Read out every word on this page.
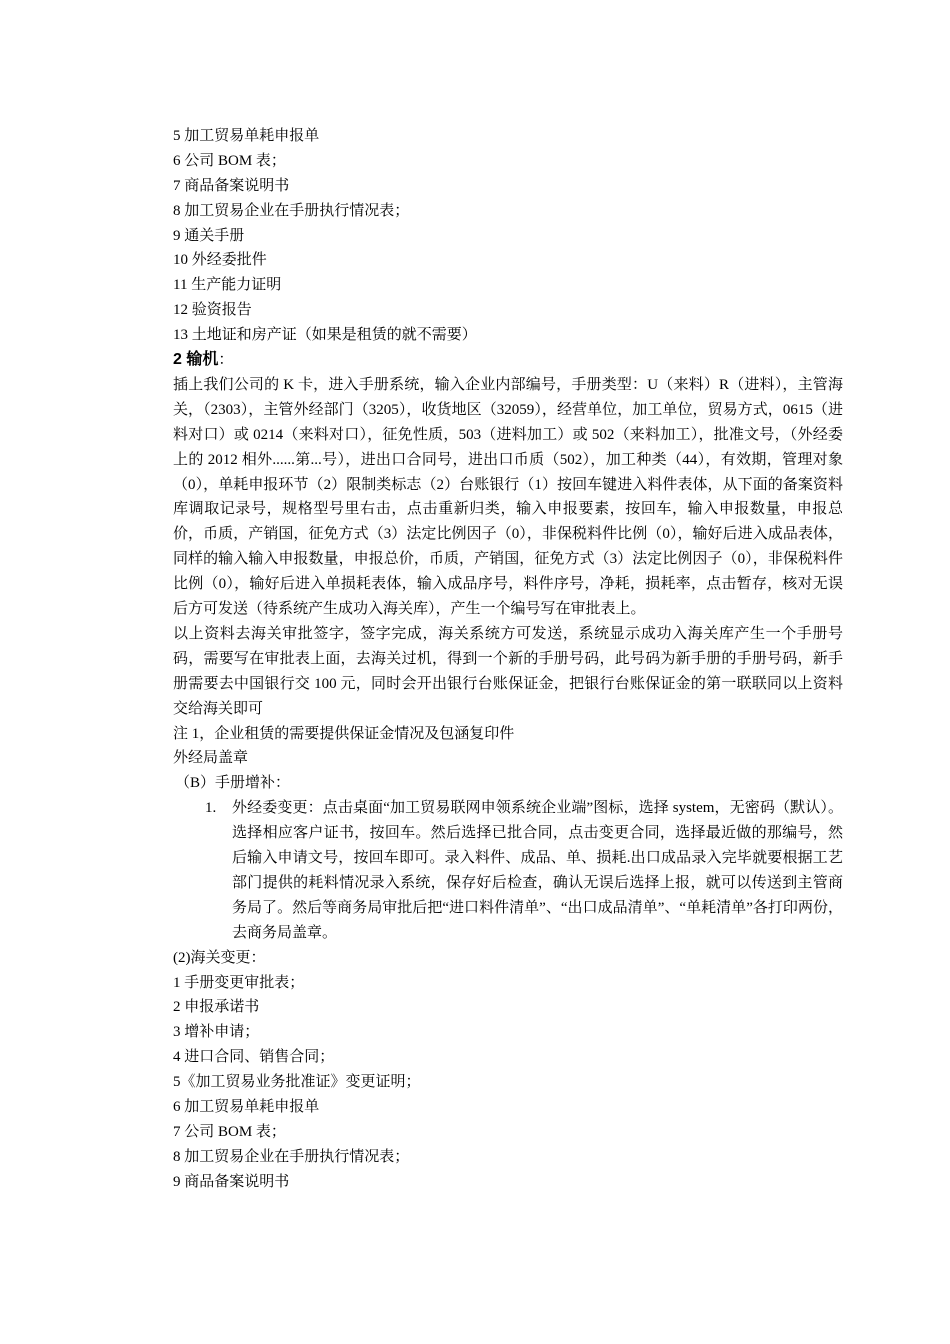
5 加工贸易单耗申报单
6 公司 BOM 表；
7 商品备案说明书
8 加工贸易企业在手册执行情况表；
9 通关手册
10 外经委批件
11 生产能力证明
12 验资报告
13 土地证和房产证（如果是租赁的就不需要）
2 输机：
插上我们公司的 K 卡，进入手册系统，输入企业内部编号，手册类型：U（来料）R（进料），主管海关，（2303），主管外经部门（3205），收货地区（32059），经营单位，加工单位，贸易方式，0615（进料对口）或 0214（来料对口），征免性质，503（进料加工）或 502（来料加工），批准文号，（外经委上的 2012 相外......第...号），进出口合同号，进出口币质（502），加工种类（44），有效期，管理对象（0），单耗申报环节（2）限制类标志（2）台账银行（1）按回车键进入料件表体，从下面的备案资料库调取记录号，规格型号里右击，点击重新归类，输入申报要素，按回车，输入申报数量，申报总价，币质，产销国，征免方式（3）法定比例因子（0），非保税料件比例（0），输好后进入成品表体，同样的输入输入申报数量，申报总价，币质，产销国，征免方式（3）法定比例因子（0），非保税料件比例（0），输好后进入单损耗表体，输入成品序号，料件序号，净耗，损耗率，点击暂存，核对无误后方可发送（待系统产生成功入海关库），产生一个编号写在审批表上。
以上资料去海关审批签字，签字完成，海关系统方可发送，系统显示成功入海关库产生一个手册号码，需要写在审批表上面，去海关过机，得到一个新的手册号码，此号码为新手册的手册号码，新手册需要去中国银行交 100 元，同时会开出银行台账保证金，把银行台账保证金的第一联联同以上资料交给海关即可
注 1，企业租赁的需要提供保证金情况及包涵复印件
外经局盖章
（B）手册增补：
1. 外经委变更：点击桌面“加工贸易联网申领系统企业端”图标，选择 system，无密码（默认）。选择相应客户证书，按回车。然后选择已批合同，点击变更合同，选择最近做的那编号，然后输入申请文号，按回车即可。录入料件、成品、单、损耗.出口成品录入完毕就要根据工艺部门提供的耗料情况录入系统，保存好后检查，确认无误后选择上报，就可以传送到主管商务局了。然后等商务局审批后把“进口料件清单”、“出口成品清单”、“单耗清单”各打印两份，去商务局盖章。
(2)海关变更：
1 手册变更审批表；
2 申报承诺书
3 增补申请；
4 进口合同、销售合同；
5《加工贸易业务批准证》变更证明；
6 加工贸易单耗申报单
7 公司 BOM 表；
8 加工贸易企业在手册执行情况表；
9 商品备案说明书
